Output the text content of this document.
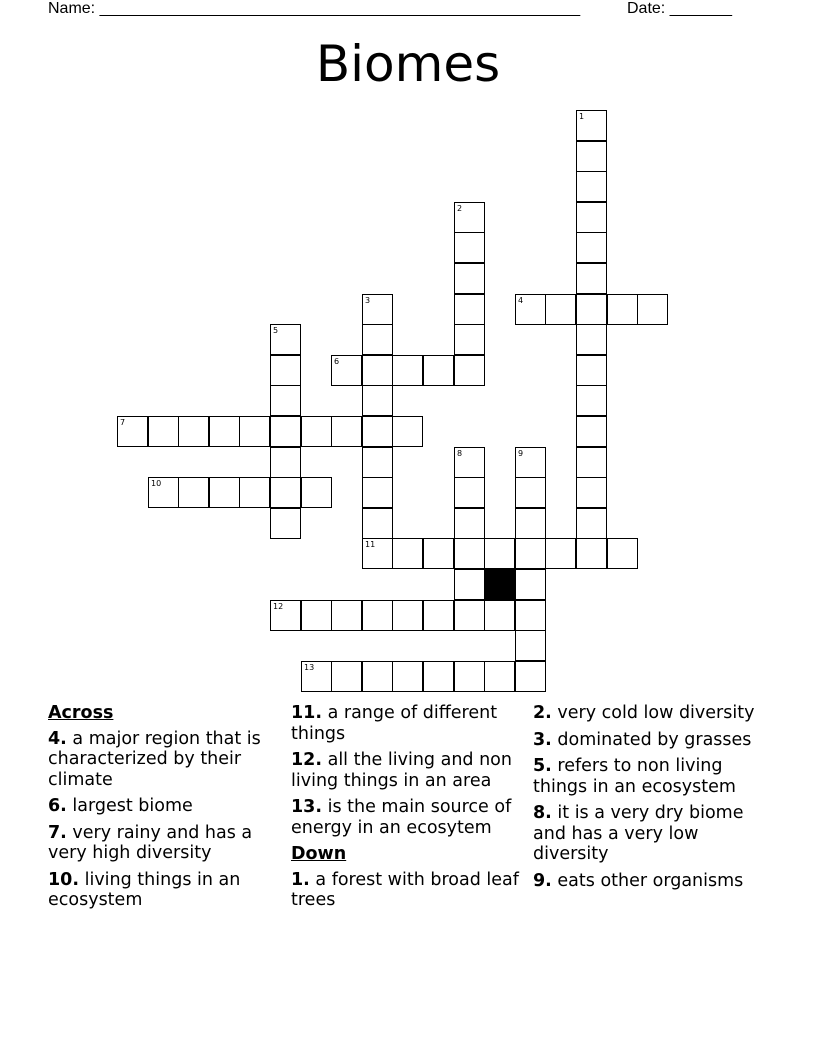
Name: ______________________________________________________	Date: _______
Biomes
1
2
3
11
4
5
6
7
8	9
10
12
13
Across
4. a major region that is characterized by their climate
6. largest biome
7. very rainy and has a very high diversity
10. living things in an ecosystem
11. a range of different things
12. all the living and non living things in an area
13. is the main source of energy in an ecosytem
Down
1. a forest with broad leaf trees
2. very cold low diversity
3. dominated by grasses
5. refers to non living things in an ecosystem
8. it is a very dry biome and has a very low diversity
9. eats other organisms
